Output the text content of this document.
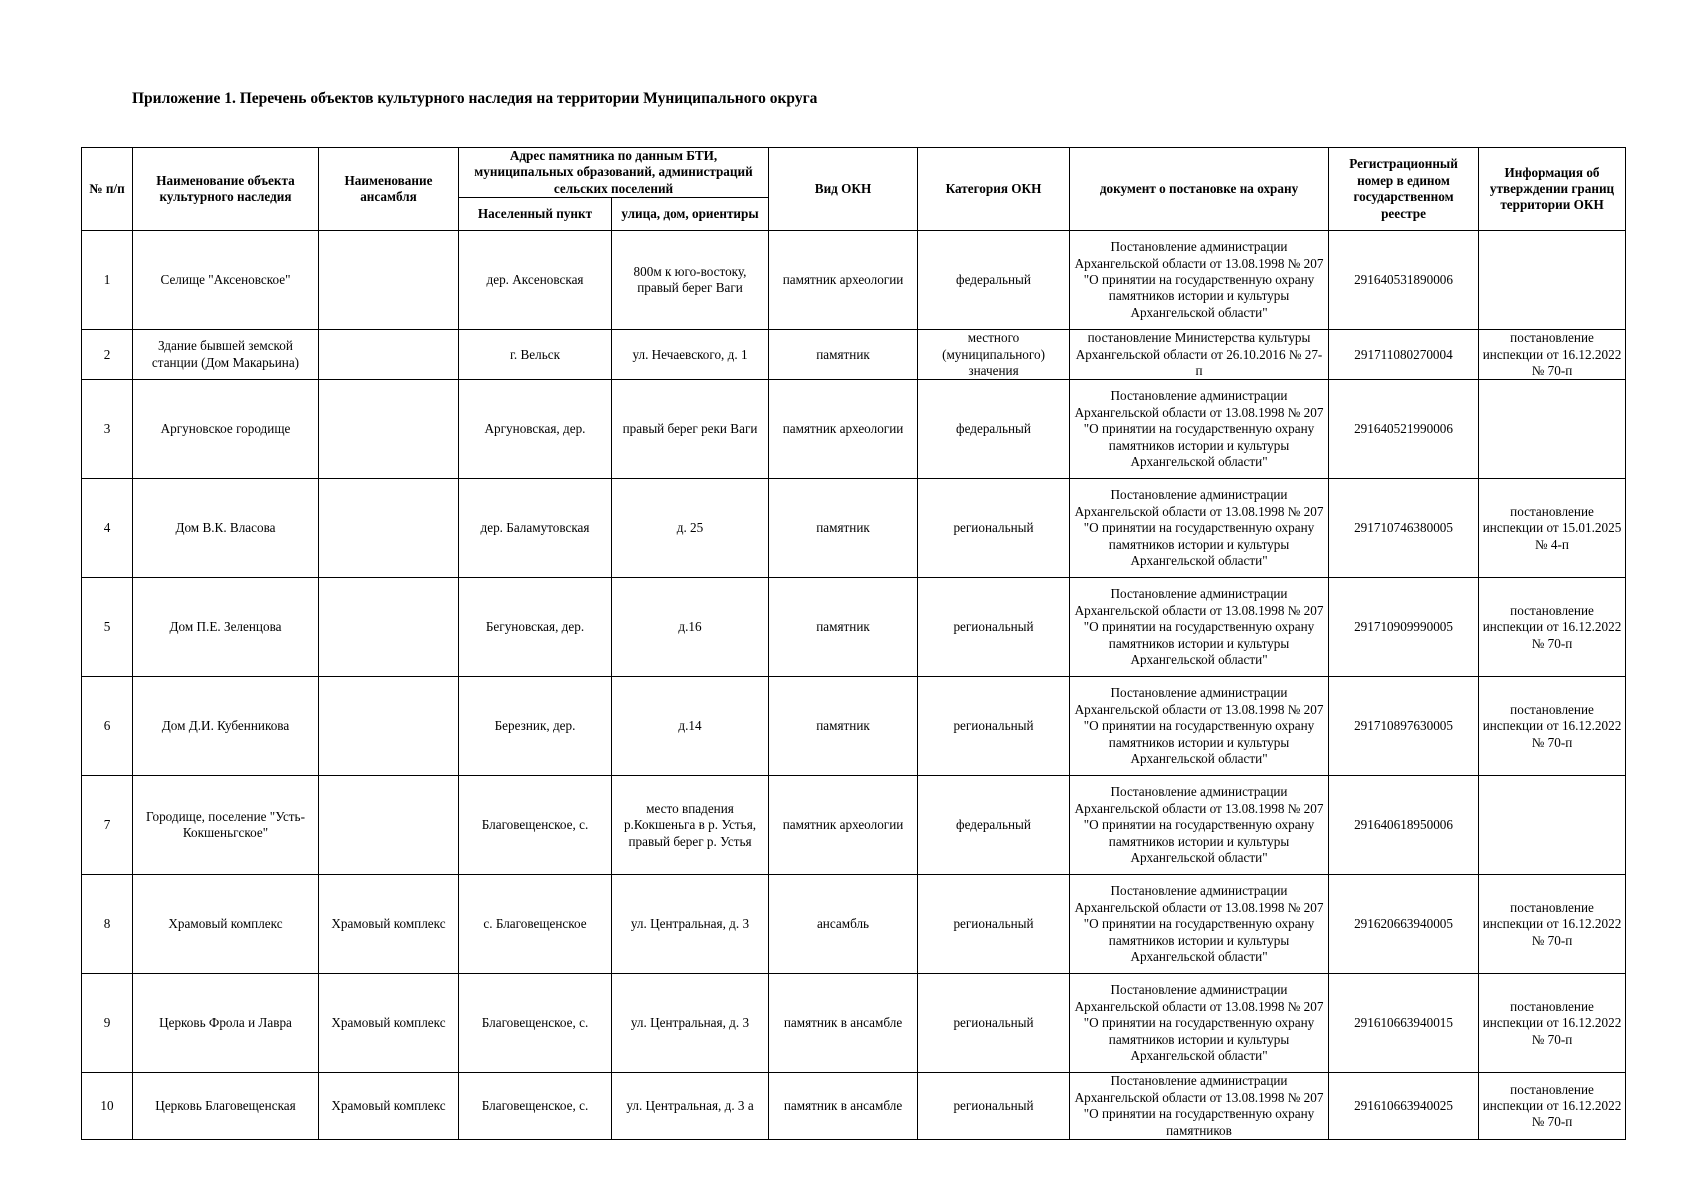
Приложение 1. Перечень объектов культурного наследия на территории Муниципального округа
№ п/п	Наименование объекта культурного наследия	Наименование ансамбля	Адрес памятника по данным БТИ, муниципальных образований, администраций сельских поселений		Вид ОКН	Категория ОКН	документ о постановке на охрану	Регистрационный номер в едином государственном реестре	Информация об утверждении границ территории ОКН
			Населенный пункт	улица, дом, ориентиры					
1	Селище "Аксеновское"		дер. Аксеновская	800м к юго-востоку, правый берег Ваги	памятник археологии	федеральный	Постановление администрации Архангельской области от 13.08.1998 № 207 "О принятии на государственную охрану памятников истории и культуры Архангельской области"	291640531890006	
2	Здание бывшей земской станции (Дом Макарьина)		г. Вельск	ул. Нечаевского, д. 1	памятник	местного (муниципального) значения	постановление Министерства культуры Архангельской области от 26.10.2016 № 27-п	291711080270004	постановление инспекции от 16.12.2022 № 70-п
3	Аргуновское городище		Аргуновская, дер.	правый берег реки Ваги	памятник археологии	федеральный	Постановление администрации Архангельской области от 13.08.1998 № 207 "О принятии на государственную охрану памятников истории и культуры Архангельской области"	291640521990006	
4	Дом В.К. Власова		дер. Баламутовская	д. 25	памятник	региональный	Постановление администрации Архангельской области от 13.08.1998 № 207 "О принятии на государственную охрану памятников истории и культуры Архангельской области"	291710746380005	постановление инспекции от 15.01.2025 № 4-п
5	Дом П.Е. Зеленцова		Бегуновская, дер.	д.16	памятник	региональный	Постановление администрации Архангельской области от 13.08.1998 № 207 "О принятии на государственную охрану памятников истории и культуры Архангельской области"	291710909990005	постановление инспекции от 16.12.2022 № 70-п
6	Дом Д.И. Кубенникова		Березник, дер.	д.14	памятник	региональный	Постановление администрации Архангельской области от 13.08.1998 № 207 "О принятии на государственную охрану памятников истории и культуры Архангельской области"	291710897630005	постановление инспекции от 16.12.2022 № 70-п
7	Городище, поселение "Усть- Кокшеньгское"		Благовещенское, с.	место впадения р.Кокшеньга в р. Устья, правый берег р. Устья	памятник археологии	федеральный	Постановление администрации Архангельской области от 13.08.1998 № 207 "О принятии на государственную охрану памятников истории и культуры Архангельской области"	291640618950006	
8	Храмовый комплекс	Храмовый комплекс	с. Благовещенское	ул. Центральная, д. 3	ансамбль	региональный	Постановление администрации Архангельской области от 13.08.1998 № 207 "О принятии на государственную охрану памятников истории и культуры Архангельской области"	291620663940005	постановление инспекции от 16.12.2022 № 70-п
9	Церковь Фрола и Лавра	Храмовый комплекс	Благовещенское, с.	ул. Центральная, д. 3	памятник в ансамбле	региональный	Постановление администрации Архангельской области от 13.08.1998 № 207 "О принятии на государственную охрану памятников истории и культуры Архангельской области"	291610663940015	постановление инспекции от 16.12.2022 № 70-п
10	Церковь Благовещенская	Храмовый комплекс	Благовещенское, с.	ул. Центральная, д. 3 а	памятник в ансамбле	региональный	Постановление администрации Архангельской области от 13.08.1998 № 207 "О принятии на государственную охрану памятников	291610663940025	постановление инспекции от 16.12.2022 № 70-п
